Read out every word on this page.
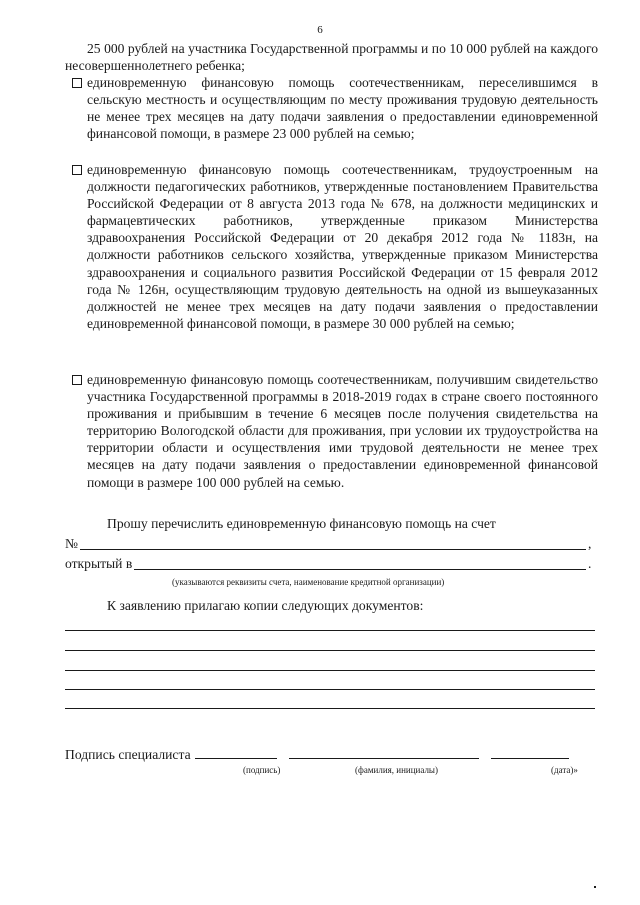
6

25 000 рублей на участника Государственной программы и по 10 000 рублей на каждого несовершеннолетнего ребенка;

единовременную финансовую помощь соотечественникам, переселившимся в сельскую местность и осуществляющим по месту проживания трудовую деятельность не менее трех месяцев на дату подачи заявления о предоставлении единовременной финансовой помощи, в размере 23 000 рублей на семью;

единовременную финансовую помощь соотечественникам, трудоустроенным на должности педагогических работников, утвержденные постановлением Правительства Российской Федерации от 8 августа 2013 года № 678, на должности медицинских и фармацевтических работников, утвержденные приказом Министерства здравоохранения Российской Федерации от 20 декабря 2012 года № 1183н, на должности работников сельского хозяйства, утвержденные приказом Министерства здравоохранения и социального развития Российской Федерации от 15 февраля 2012 года № 126н, осуществляющим трудовую деятельность на одной из вышеуказанных должностей не менее трех месяцев на дату подачи заявления о предоставлении единовременной финансовой помощи, в размере 30 000 рублей на семью;

единовременную финансовую помощь соотечественникам, получившим свидетельство участника Государственной программы в 2018-2019 годах в стране своего постоянного проживания и прибывшим в течение 6 месяцев после получения свидетельства на территорию Вологодской области для проживания, при условии их трудоустройства на территории области и осуществления ими трудовой деятельности не менее трех месяцев на дату подачи заявления о предоставлении единовременной финансовой помощи в размере 100 000 рублей на семью.

Прошу перечислить единовременную финансовую помощь на счет

№	,
открытый в	.
(указываются реквизиты счета, наименование кредитной организации)

К заявлению прилагаю копии следующих документов:

Подпись специалиста
(подпись)	(фамилия, инициалы)	(дата)»
